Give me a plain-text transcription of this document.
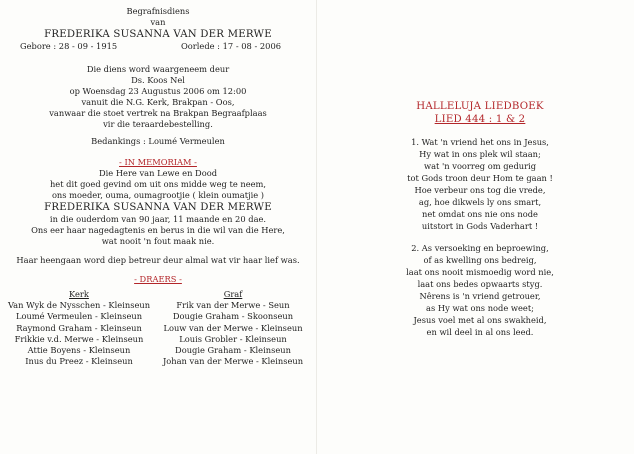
Begrafnisdiens
van
FREDERIKA SUSANNA VAN DER MERWE
Gebore : 28 - 09 - 1915	Oorlede : 17 - 08 - 2006
Die diens word waargeneem deur
Ds. Koos Nel
op Woensdag 23 Augustus 2006 om 12:00
vanuit die N.G. Kerk, Brakpan - Oos,
vanwaar die stoet vertrek na Brakpan Begraafplaas
vir die teraardebestelling.
Bedankings : Loumé Vermeulen
- IN MEMORIAM -
Die Here van Lewe en Dood
het dit goed gevind om uit ons midde weg te neem,
ons moeder, ouma, oumagrootjie ( klein oumatjie )
FREDERIKA SUSANNA VAN DER MERWE
in die ouderdom van 90 jaar, 11 maande en 20 dae.
Ons eer haar nagedagtenis en berus in die wil van die Here,
wat nooit 'n fout maak nie.
Haar heengaan word diep betreur deur almal wat vir haar lief was.
- DRAERS -
Kerk
Van Wyk de Nysschen - Kleinseun
Loumé Vermeulen - Kleinseun
Raymond Graham - Kleinseun
Frikkie v.d. Merwe - Kleinseun
Attie Boyens - Kleinseun
Inus du Preez - Kleinseun
Graf
Frik van der Merwe - Seun
Dougie Graham - Skoonseun
Louw van der Merwe - Kleinseun
Louis Grobler - Kleinseun
Dougie Graham - Kleinseun
Johan van der Merwe - Kleinseun
HALLELUJA LIEDBOEK
LIED 444 : 1 & 2
1. Wat 'n vriend het ons in Jesus,
Hy wat in ons plek wil staan;
wat 'n voorreg om gedurig
tot Gods troon deur Hom te gaan !
Hoe verbeur ons tog die vrede,
ag, hoe dikwels ly ons smart,
net omdat ons nie ons node
uitstort in Gods Vaderhart !
2. As versoeking en beproewing,
of as kwelling ons bedreig,
laat ons nooit mismoedig word nie,
laat ons bedes opwaarts styg.
Nêrens is 'n vriend getrouer,
as Hy wat ons node weet;
Jesus voel met al ons swakheid,
en wil deel in al ons leed.
